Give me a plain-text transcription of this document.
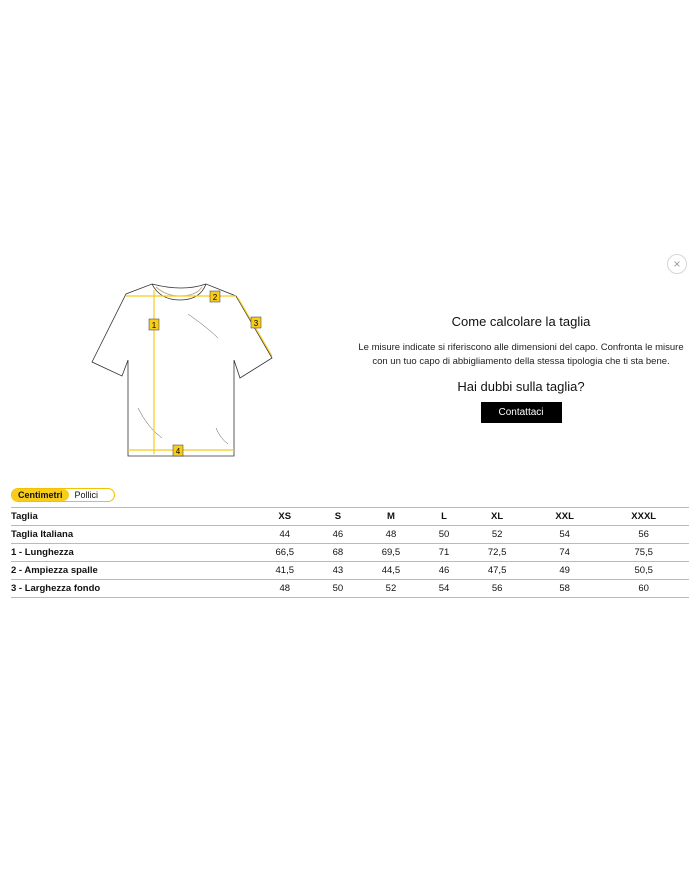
×
1
2
3
4

Come calcolare la taglia

Le misure indicate si riferiscono alle dimensioni del capo. Confronta le misure con un tuo capo di abbigliamento della stessa tipologia che ti sta bene.

Hai dubbi sulla taglia?

Contattaci
Centimetri	Pollici
Taglia	XS	S	M	L	XL	XXL	XXXL
Taglia Italiana	44	46	48	50	52	54	56
1 - Lunghezza	66,5	68	69,5	71	72,5	74	75,5
2 - Ampiezza spalle	41,5	43	44,5	46	47,5	49	50,5
3 - Larghezza fondo	48	50	52	54	56	58	60
